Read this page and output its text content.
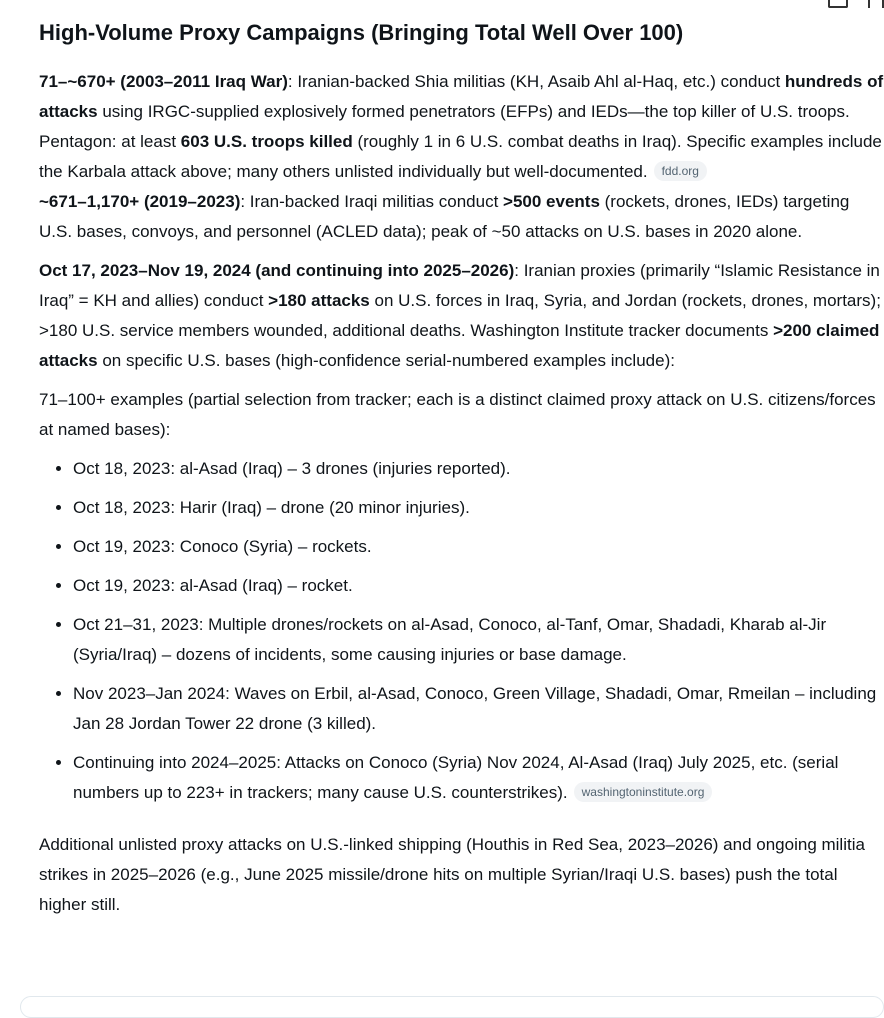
High-Volume Proxy Campaigns (Bringing Total Well Over 100)

71–~670+ (2003–2011 Iraq War): Iranian-backed Shia militias (KH, Asaib Ahl al-Haq, etc.) conduct hundreds of attacks using IRGC-supplied explosively formed penetrators (EFPs) and IEDs—the top killer of U.S. troops. Pentagon: at least 603 U.S. troops killed (roughly 1 in 6 U.S. combat deaths in Iraq). Specific examples include the Karbala attack above; many others unlisted individually but well-documented. fdd.org

~671–1,170+ (2019–2023): Iran-backed Iraqi militias conduct >500 events (rockets, drones, IEDs) targeting U.S. bases, convoys, and personnel (ACLED data); peak of ~50 attacks on U.S. bases in 2020 alone.

Oct 17, 2023–Nov 19, 2024 (and continuing into 2025–2026): Iranian proxies (primarily “Islamic Resistance in Iraq” = KH and allies) conduct >180 attacks on U.S. forces in Iraq, Syria, and Jordan (rockets, drones, mortars); >180 U.S. service members wounded, additional deaths. Washington Institute tracker documents >200 claimed attacks on specific U.S. bases (high-confidence serial-numbered examples include):

71–100+ examples (partial selection from tracker; each is a distinct claimed proxy attack on U.S. citizens/forces at named bases):

• Oct 18, 2023: al-Asad (Iraq) – 3 drones (injuries reported).
• Oct 18, 2023: Harir (Iraq) – drone (20 minor injuries).
• Oct 19, 2023: Conoco (Syria) – rockets.
• Oct 19, 2023: al-Asad (Iraq) – rocket.
• Oct 21–31, 2023: Multiple drones/rockets on al-Asad, Conoco, al-Tanf, Omar, Shadadi, Kharab al-Jir (Syria/Iraq) – dozens of incidents, some causing injuries or base damage.
• Nov 2023–Jan 2024: Waves on Erbil, al-Asad, Conoco, Green Village, Shadadi, Omar, Rmeilan – including Jan 28 Jordan Tower 22 drone (3 killed).
• Continuing into 2024–2025: Attacks on Conoco (Syria) Nov 2024, Al-Asad (Iraq) July 2025, etc. (serial numbers up to 223+ in trackers; many cause U.S. counterstrikes). washingtoninstitute.org

Additional unlisted proxy attacks on U.S.-linked shipping (Houthis in Red Sea, 2023–2026) and ongoing militia strikes in 2025–2026 (e.g., June 2025 missile/drone hits on multiple Syrian/Iraqi U.S. bases) push the total higher still.
